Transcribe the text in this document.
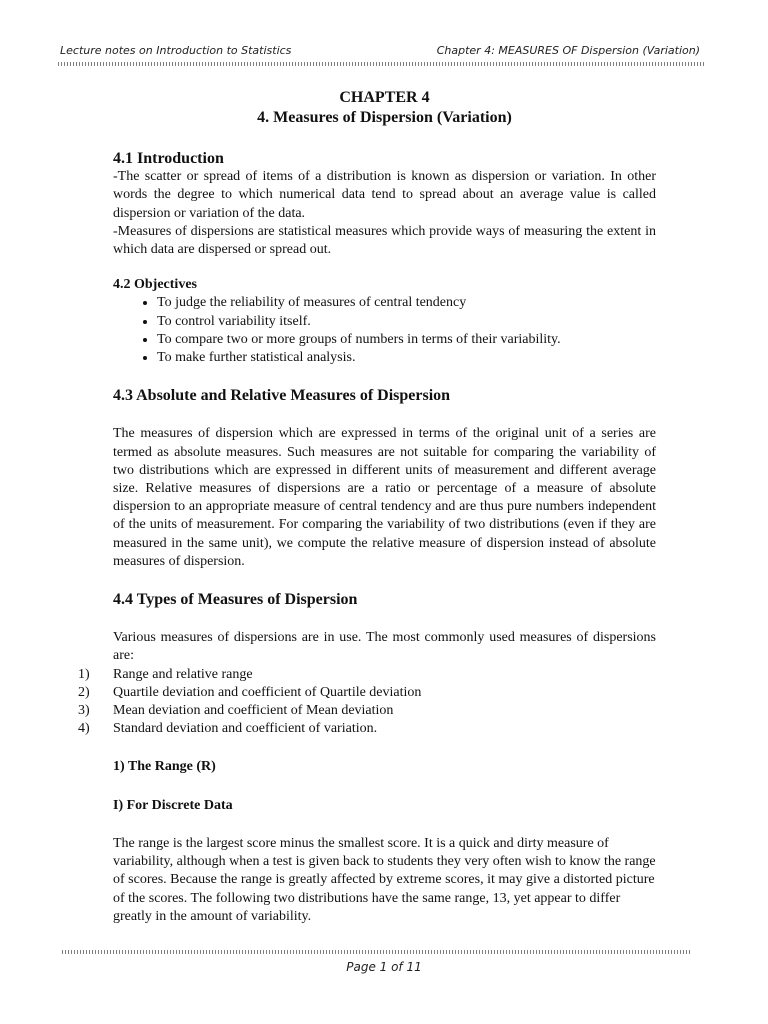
Lecture notes on Introduction to Statistics	Chapter 4: MEASURES OF Dispersion (Variation)
CHAPTER 4
4. Measures of Dispersion (Variation)
4.1 Introduction

-The scatter or spread of items of a distribution is known as dispersion or variation. In other words the degree to which numerical data tend to spread about an average value is called dispersion or variation of the data.

-Measures of dispersions are statistical measures which provide ways of measuring the extent in which data are dispersed or spread out.

4.2 Objectives
• To judge the reliability of measures of central tendency
• To control variability itself.
• To compare two or more groups of numbers in terms of their variability.
• To make further statistical analysis.
4.3 Absolute and Relative Measures of Dispersion

The measures of dispersion which are expressed in terms of the original unit of a series are termed as absolute measures. Such measures are not suitable for comparing the variability of two distributions which are expressed in different units of measurement and different average size. Relative measures of dispersions are a ratio or percentage of a measure of absolute dispersion to an appropriate measure of central tendency and are thus pure numbers independent of the units of measurement. For comparing the variability of two distributions (even if they are measured in the same unit), we compute the relative measure of dispersion instead of absolute measures of dispersion.

4.4 Types of Measures of Dispersion

Various measures of dispersions are in use. The most commonly used measures of dispersions are:

1) Range and relative range
2) Quartile deviation and coefficient of Quartile deviation
3) Mean deviation and coefficient of Mean deviation
4) Standard deviation and coefficient of variation.
1) The Range (R)
I) For Discrete Data

The range is the largest score minus the smallest score. It is a quick and dirty measure of variability, although when a test is given back to students they very often wish to know the range of scores. Because the range is greatly affected by extreme scores, it may give a distorted picture of the scores. The following two distributions have the same range, 13, yet appear to differ greatly in the amount of variability.

Page 1 of 11
